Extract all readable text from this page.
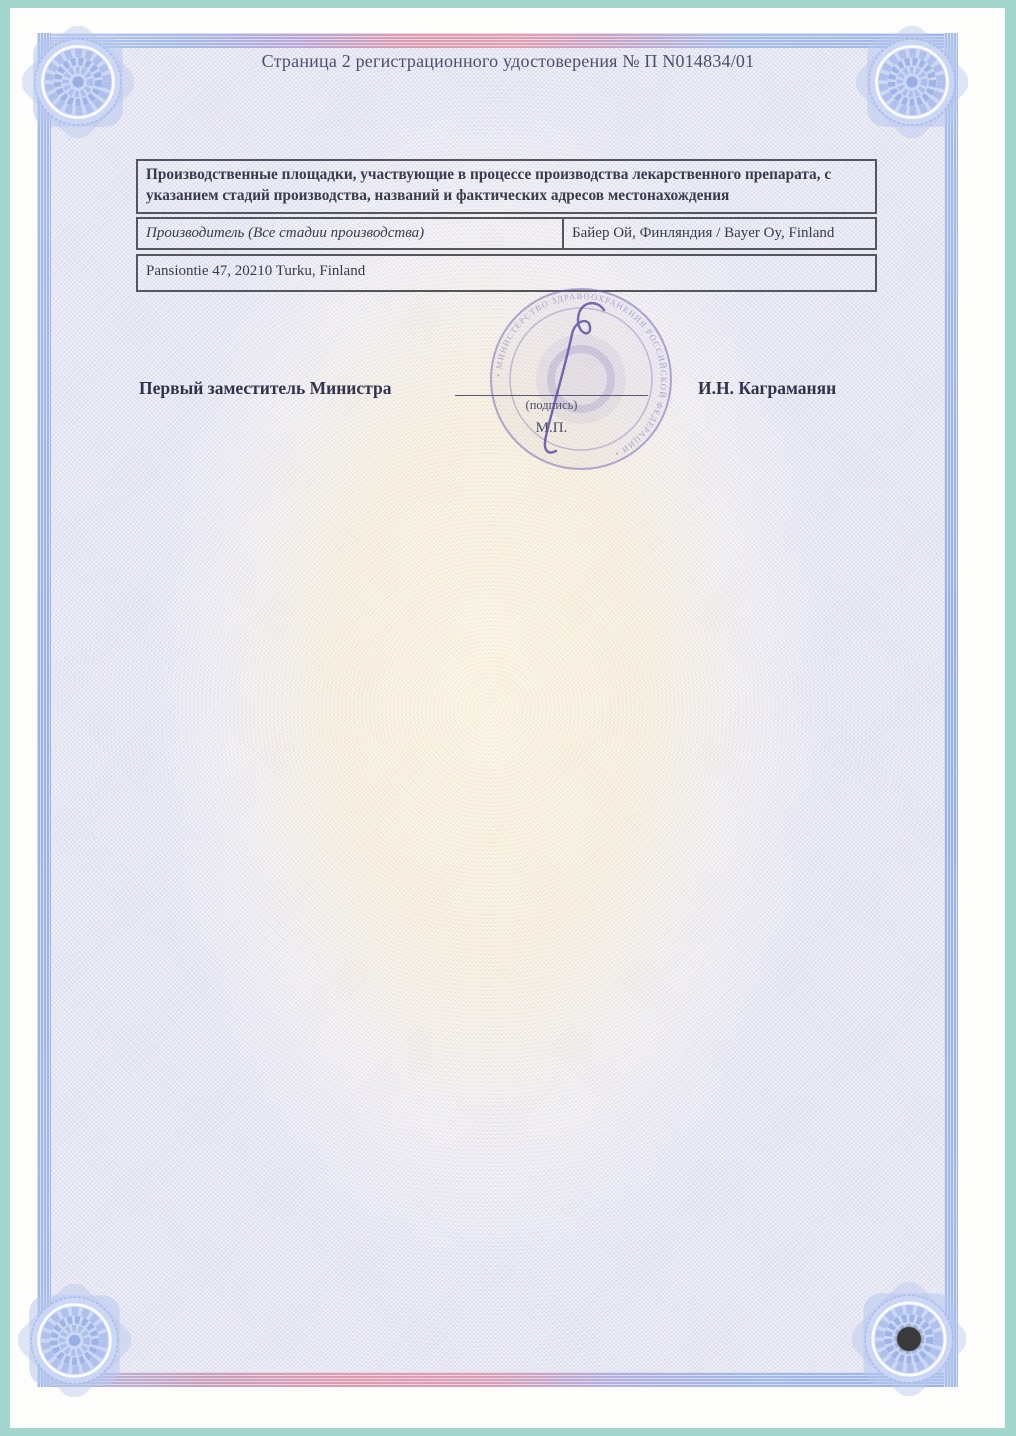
Страница 2 регистрационного удостоверения № П N014834/01
Производственные площадки, участвующие в процессе производства лекарственного препарата, с указанием стадий производства, названий и фактических адресов местонахождения
Производитель (Все стадии производства)	Байер Ой, Финляндия / Bayer Oy, Finland
Pansiontie 47, 20210 Turku, Finland
Первый заместитель Министра	И.Н. Каграманян
• МИНИСТЕРСТВО ЗДРАВООХРАНЕНИЯ РОССИЙСКОЙ ФЕДЕРАЦИИ •
